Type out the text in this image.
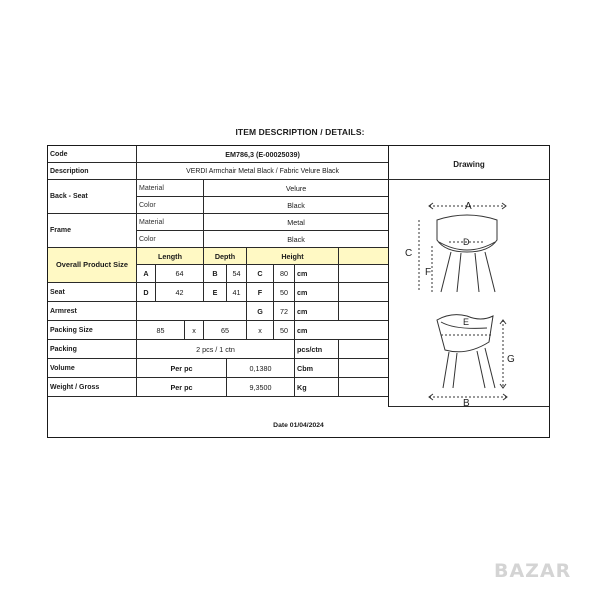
ITEM DESCRIPTION / DETAILS:
Code	EM786,3 (E-00025039)								
Description	VERDI Armchair Metal Black / Fabric Velure Black								
Back - Seat	Material			Velure					
	Color			Black					
Frame	Material			Metal					
	Color			Black					
Overall Product Size	Length			Depth		Height			
	A	64		B	54	C	80	cm	
Seat	D	42		E	41	F	50	cm	
Armrest						G	72	cm	
Packing Size	85		x	65		x	50	cm	
Packing	2 pcs / 1 ctn							pcs/ctn	
Volume	Per pc				0,1380			Cbm	
Weight / Gross	Per pc				9,3500			Kg	
Drawing
A
D
C
F
E
G
B
Date 01/04/2024
BAZAR
